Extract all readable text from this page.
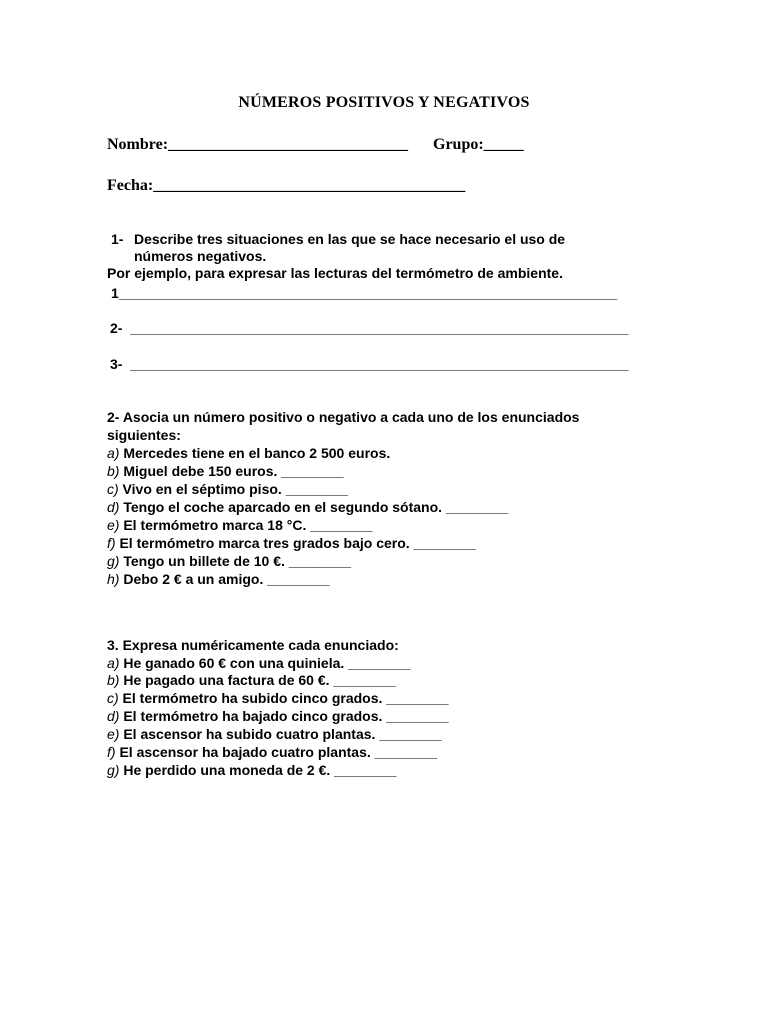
NÚMEROS POSITIVOS Y NEGATIVOS
Nombre:______________________________ Grupo:_____
Fecha:_______________________________________
1- Describe tres situaciones en las que se hace necesario el uso de
números negativos.
Por ejemplo, para expresar las lecturas del termómetro de ambiente.
1________________________________________________________________
2-  ________________________________________________________________
3-  ________________________________________________________________
2- Asocia un número positivo o negativo a cada uno de los enunciados
siguientes:
a) Mercedes tiene en el banco 2 500 euros.
b) Miguel debe 150 euros. ________
c) Vivo en el séptimo piso. ________
d) Tengo el coche aparcado en el segundo sótano. ________
e) El termómetro marca 18 °C. ________
f) El termómetro marca tres grados bajo cero. ________
g) Tengo un billete de 10 €. ________
h) Debo 2 € a un amigo. ________
3. Expresa numéricamente cada enunciado:
a) He ganado 60 € con una quiniela. ________
b) He pagado una factura de 60 €. ________
c) El termómetro ha subido cinco grados. ________
d) El termómetro ha bajado cinco grados. ________
e) El ascensor ha subido cuatro plantas. ________
f) El ascensor ha bajado cuatro plantas. ________
g) He perdido una moneda de 2 €. ________
